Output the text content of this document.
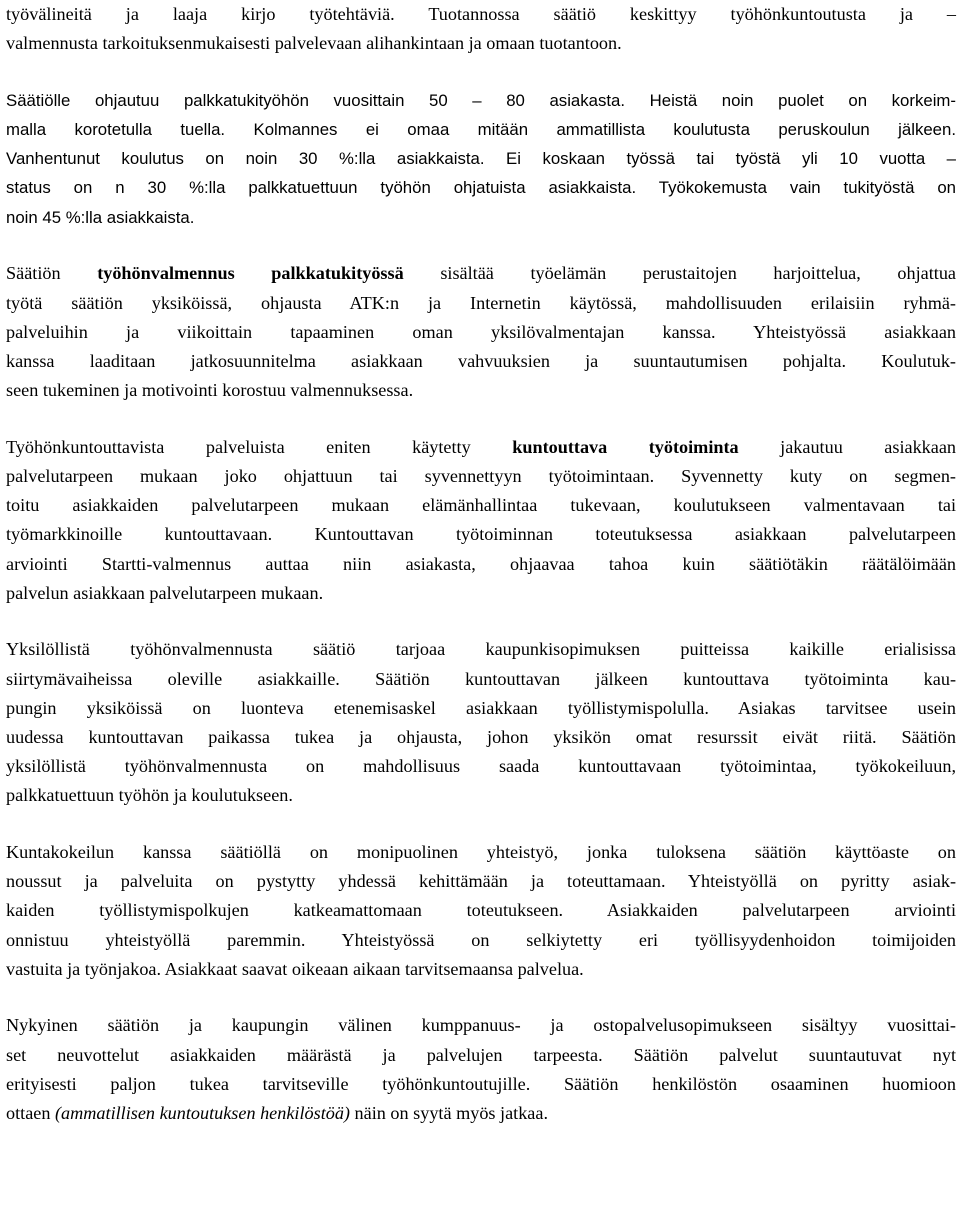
työvälineitä ja laaja kirjo työtehtäviä. Tuotannossa säätiö keskittyy työhönkuntoutusta ja –
valmennusta tarkoituksenmukaisesti palvelevaan alihankintaan ja omaan tuotantoon.
Säätiölle ohjautuu palkkatukityöhön vuosittain 50 – 80 asiakasta. Heistä noin puolet on korkeim-
malla korotetulla tuella. Kolmannes ei omaa mitään ammatillista koulutusta peruskoulun jälkeen.
Vanhentunut koulutus on noin 30 %:lla asiakkaista. Ei koskaan työssä tai työstä yli 10 vuotta –
status on n 30 %:lla palkkatuettuun työhön ohjatuista asiakkaista. Työkokemusta vain tukityöstä on
noin 45 %:lla asiakkaista.
Säätiön työhönvalmennus palkkatukityössä sisältää työelämän perustaitojen harjoittelua, ohjattua
työtä säätiön yksiköissä, ohjausta ATK:n ja Internetin käytössä, mahdollisuuden erilaisiin ryhmä-
palveluihin ja viikoittain tapaaminen oman yksilövalmentajan kanssa. Yhteistyössä asiakkaan
kanssa laaditaan jatkosuunnitelma asiakkaan vahvuuksien ja suuntautumisen pohjalta. Koulutuk-
seen tukeminen ja motivointi korostuu valmennuksessa.
Työhönkuntouttavista palveluista eniten käytetty kuntouttava työtoiminta jakautuu asiakkaan
palvelutarpeen mukaan joko ohjattuun tai syvennettyyn työtoimintaan. Syvennetty kuty on segmen-
toitu asiakkaiden palvelutarpeen mukaan elämänhallintaa tukevaan, koulutukseen valmentavaan tai
työmarkkinoille kuntouttavaan. Kuntouttavan työtoiminnan toteutuksessa asiakkaan palvelutarpeen
arviointi Startti-valmennus auttaa niin asiakasta, ohjaavaa tahoa kuin säätiötäkin räätälöimään
palvelun asiakkaan palvelutarpeen mukaan.
Yksilöllistä työhönvalmennusta säätiö tarjoaa kaupunkisopimuksen puitteissa kaikille erialisissa
siirtymävaiheissa oleville asiakkaille. Säätiön kuntouttavan jälkeen kuntouttava työtoiminta kau-
pungin yksiköissä on luonteva etenemisaskel asiakkaan työllistymispolulla. Asiakas tarvitsee usein
uudessa kuntouttavan paikassa tukea ja ohjausta, johon yksikön omat resurssit eivät riitä. Säätiön
yksilöllistä työhönvalmennusta on mahdollisuus saada kuntouttavaan työtoimintaa, työkokeiluun,
palkkatuettuun työhön ja koulutukseen.
Kuntakokeilun kanssa säätiöllä on monipuolinen yhteistyö, jonka tuloksena säätiön käyttöaste on
noussut ja palveluita on pystytty yhdessä kehittämään ja toteuttamaan. Yhteistyöllä on pyritty asiak-
kaiden työllistymispolkujen katkeamattomaan toteutukseen. Asiakkaiden palvelutarpeen arviointi
onnistuu yhteistyöllä paremmin. Yhteistyössä on selkiytetty eri työllisyydenhoidon toimijoiden
vastuita ja työnjakoa. Asiakkaat saavat oikeaan aikaan tarvitsemaansa palvelua.
Nykyinen säätiön ja kaupungin välinen kumppanuus- ja ostopalvelusopimukseen sisältyy vuosittai-
set neuvottelut asiakkaiden määrästä ja palvelujen tarpeesta. Säätiön palvelut suuntautuvat nyt
erityisesti paljon tukea tarvitseville työhönkuntoutujille. Säätiön henkilöstön osaaminen huomioon
ottaen (ammatillisen kuntoutuksen henkilöstöä) näin on syytä myös jatkaa.
